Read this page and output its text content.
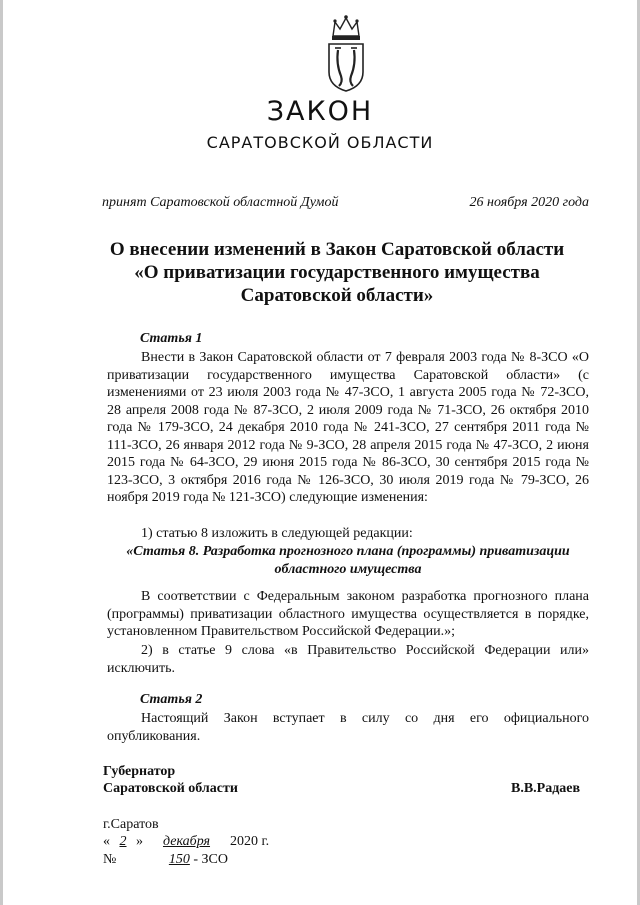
ЗАКОН
САРАТОВСКОЙ ОБЛАСТИ
принят Саратовской областной Думой	26 ноября 2020 года
О внесении изменений в Закон Саратовской области
«О приватизации государственного имущества
Саратовской области»
Статья 1
Внести в Закон Саратовской области от 7 февраля 2003 года № 8-ЗСО «О приватизации государственного имущества Саратовской области» (с изменениями от 23 июля 2003 года № 47-ЗСО, 1 августа 2005 года № 72-ЗСО, 28 апреля 2008 года № 87-ЗСО, 2 июля 2009 года № 71-ЗСО, 26 октября 2010 года № 179-ЗСО, 24 декабря 2010 года № 241-ЗСО, 27 сентября 2011 года № 111-ЗСО, 26 января 2012 года № 9-ЗСО, 28 апреля 2015 года № 47-ЗСО, 2 июня 2015 года № 64-ЗСО, 29 июня 2015 года № 86-ЗСО, 30 сентября 2015 года № 123-ЗСО, 3 октября 2016 года № 126-ЗСО, 30 июля 2019 года № 79-ЗСО, 26 ноября 2019 года № 121-ЗСО) следующие изменения:
1) статью 8 изложить в следующей редакции:
«Статья 8. Разработка прогнозного плана (программы) приватизации
областного имущества
В соответствии с Федеральным законом разработка прогнозного плана (программы) приватизации областного имущества осуществляется в порядке, установленном Правительством Российской Федерации.»;
2) в статье 9 слова «в Правительство Российской Федерации или» исключить.
Статья 2
Настоящий Закон вступает в силу со дня его официального опубликования.
Губернатор
Саратовской области	В.В.Радаев
г.Саратов
« 2 » декабря 2020 г.
№	150 - ЗСО
